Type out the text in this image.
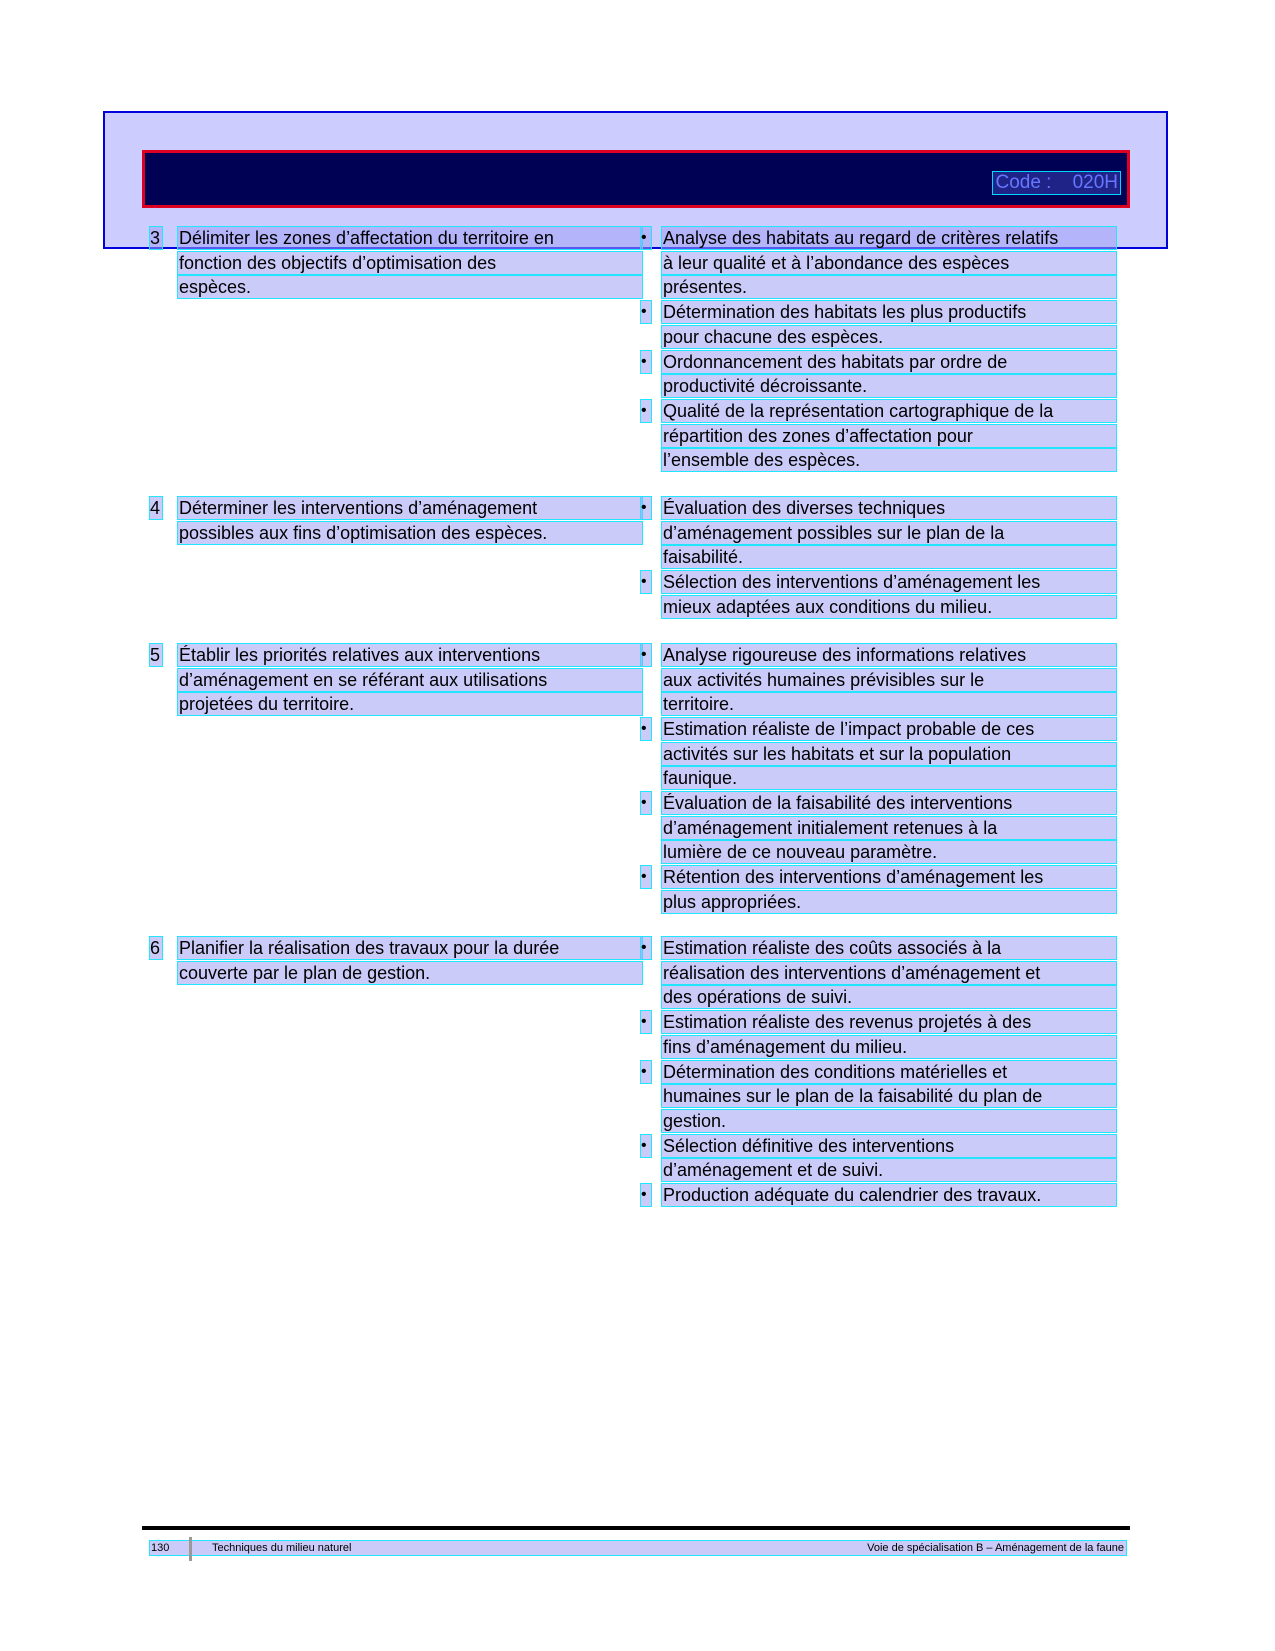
Code :    020H
3 Délimiter les zones d’affectation du territoire en
fonction des objectifs d’optimisation des
espèces.
• Analyse des habitats au regard de critères relatifs
à leur qualité et à l’abondance des espèces
présentes.
• Détermination des habitats les plus productifs
pour chacune des espèces.
• Ordonnancement des habitats par ordre de
productivité décroissante.
• Qualité de la représentation cartographique de la
répartition des zones d’affectation pour
l’ensemble des espèces.
4 Déterminer les interventions d’aménagement
possibles aux fins d’optimisation des espèces.
• Évaluation des diverses techniques
d’aménagement possibles sur le plan de la
faisabilité.
• Sélection des interventions d’aménagement les
mieux adaptées aux conditions du milieu.
5 Établir les priorités relatives aux interventions
d’aménagement en se référant aux utilisations
projetées du territoire.
• Analyse rigoureuse des informations relatives
aux activités humaines prévisibles sur le
territoire.
• Estimation réaliste de l’impact probable de ces
activités sur les habitats et sur la population
faunique.
• Évaluation de la faisabilité des interventions
d’aménagement initialement retenues à la
lumière de ce nouveau paramètre.
• Rétention des interventions d’aménagement les
plus appropriées.
6 Planifier la réalisation des travaux pour la durée
couverte par le plan de gestion.
• Estimation réaliste des coûts associés à la
réalisation des interventions d’aménagement et
des opérations de suivi.
• Estimation réaliste des revenus projetés à des
fins d’aménagement du milieu.
• Détermination des conditions matérielles et
humaines sur le plan de la faisabilité du plan de
gestion.
• Sélection définitive des interventions
d’aménagement et de suivi.
• Production adéquate du calendrier des travaux.
130	Techniques du milieu naturel	Voie de spécialisation B – Aménagement de la faune
